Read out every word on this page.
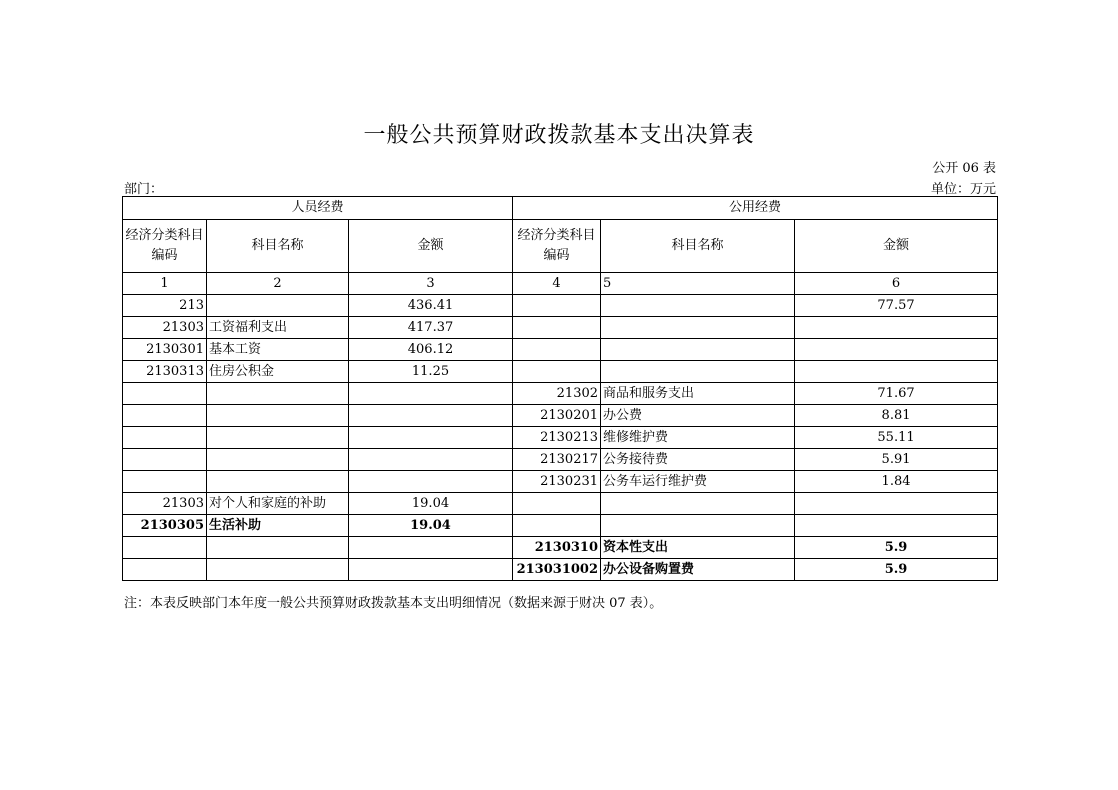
一般公共预算财政拨款基本支出决算表
公开 06 表
部门：	单位：万元
人员经费			公用经费		
经济分类科目编码	科目名称	金额	经济分类科目编码	科目名称	金额
1	2	3	4	5	6
213		436.41			77.57
21303	工资福利支出	417.37			
2130301	基本工资	406.12			
2130313	住房公积金	11.25			
			21302	商品和服务支出	71.67
			2130201	办公费	8.81
			2130213	维修维护费	55.11
			2130217	公务接待费	5.91
			2130231	公务车运行维护费	1.84
21303	对个人和家庭的补助	19.04			
2130305	生活补助	19.04			
			2130310	资本性支出	5.9
			213031002	办公设备购置费	5.9
注：本表反映部门本年度一般公共预算财政拨款基本支出明细情况（数据来源于财决 07 表）。
